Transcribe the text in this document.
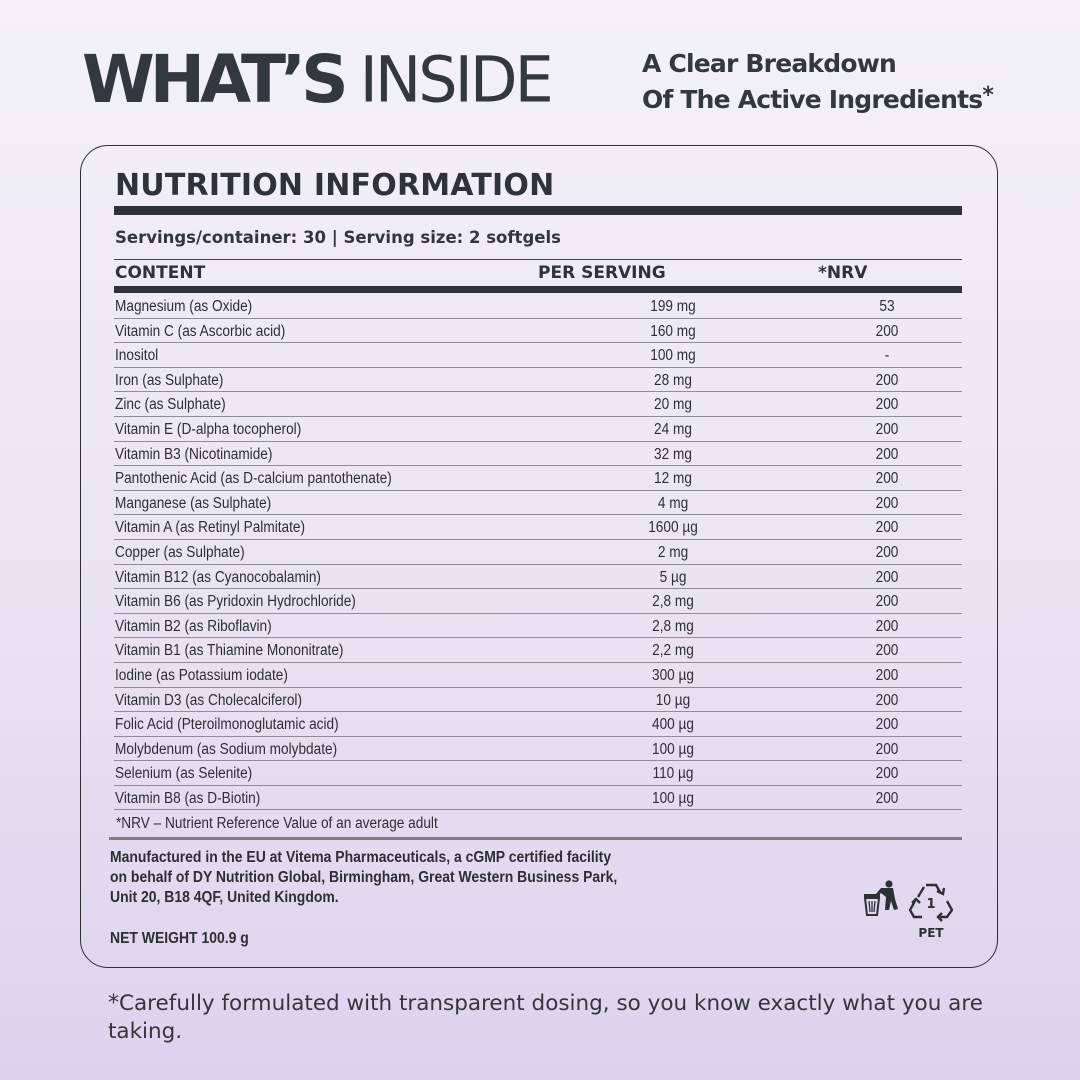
WHAT’S INSIDE	A Clear Breakdown
Of The Active Ingredients*
NUTRITION INFORMATION
Servings/container: 30 | Serving size: 2 softgels
CONTENT	PER SERVING	*NRV
Magnesium (as Oxide)	199 mg	53
Vitamin C (as Ascorbic acid)	160 mg	200
Inositol	100 mg	-
Iron (as Sulphate)	28 mg	200
Zinc (as Sulphate)	20 mg	200
Vitamin E (D-alpha tocopherol)	24 mg	200
Vitamin B3 (Nicotinamide)	32 mg	200
Pantothenic Acid (as D-calcium pantothenate)	12 mg	200
Manganese (as Sulphate)	4 mg	200
Vitamin A (as Retinyl Palmitate)	1600 µg	200
Copper (as Sulphate)	2 mg	200
Vitamin B12 (as Cyanocobalamin)	5 µg	200
Vitamin B6 (as Pyridoxin Hydrochloride)	2,8 mg	200
Vitamin B2 (as Riboflavin)	2,8 mg	200
Vitamin B1 (as Thiamine Mononitrate)	2,2 mg	200
Iodine (as Potassium iodate)	300 µg	200
Vitamin D3 (as Cholecalciferol)	10 µg	200
Folic Acid (Pteroilmonoglutamic acid)	400 µg	200
Molybdenum (as Sodium molybdate)	100 µg	200
Selenium (as Selenite)	110 µg	200
Vitamin B8 (as D-Biotin)	100 µg	200
*NRV – Nutrient Reference Value of an average adult
Manufactured in the EU at Vitema Pharmaceuticals, a cGMP certified facility
on behalf of DY Nutrition Global, Birmingham, Great Western Business Park,
Unit 20, B18 4QF, United Kingdom.
NET WEIGHT 100.9 g
1
PET
*Carefully formulated with transparent dosing, so you know exactly what you are taking.
